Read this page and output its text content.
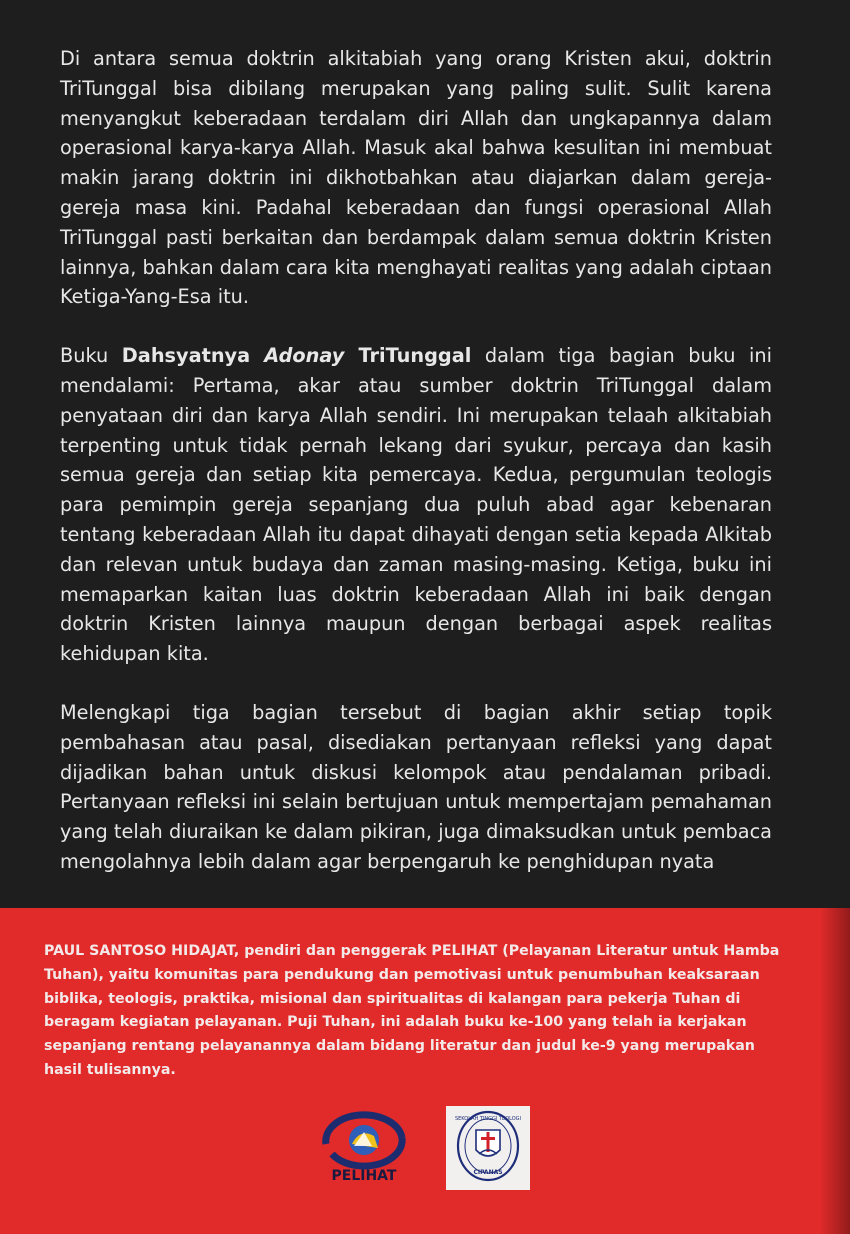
Di antara semua doktrin alkitabiah yang orang Kristen akui, doktrin TriTunggal bisa dibilang merupakan yang paling sulit. Sulit karena menyangkut keberadaan terdalam diri Allah dan ungkapannya dalam operasional karya-karya Allah. Masuk akal bahwa kesulitan ini membuat makin jarang doktrin ini dikhotbahkan atau diajarkan dalam gereja-gereja masa kini. Padahal keberadaan dan fungsi operasional Allah TriTunggal pasti berkaitan dan berdampak dalam semua doktrin Kristen lainnya, bahkan dalam cara kita menghayati realitas yang adalah ciptaan Ketiga-Yang-Esa itu.

Buku Dahsyatnya Adonay TriTunggal dalam tiga bagian buku ini mendalami: Pertama, akar atau sumber doktrin TriTunggal dalam penyataan diri dan karya Allah sendiri. Ini merupakan telaah alkitabiah terpenting untuk tidak pernah lekang dari syukur, percaya dan kasih semua gereja dan setiap kita pemercaya. Kedua, pergumulan teologis para pemimpin gereja sepanjang dua puluh abad agar kebenaran tentang keberadaan Allah itu dapat dihayati dengan setia kepada Alkitab dan relevan untuk budaya dan zaman masing-masing. Ketiga, buku ini memaparkan kaitan luas doktrin keberadaan Allah ini baik dengan doktrin Kristen lainnya maupun dengan berbagai aspek realitas kehidupan kita.

Melengkapi tiga bagian tersebut di bagian akhir setiap topik pembahasan atau pasal, disediakan pertanyaan refleksi yang dapat dijadikan bahan untuk diskusi kelompok atau pendalaman pribadi. Pertanyaan refleksi ini selain bertujuan untuk mempertajam pemahaman yang telah diuraikan ke dalam pikiran, juga dimaksudkan untuk pembaca mengolahnya lebih dalam agar berpengaruh ke penghidupan nyata

PAUL SANTOSO HIDAJAT, pendiri dan penggerak PELIHAT (Pelayanan Literatur untuk Hamba Tuhan), yaitu komunitas para pendukung dan pemotivasi untuk penumbuhan keaksaraan biblika, teologis, praktika, misional dan spiritualitas di kalangan para pekerja Tuhan di beragam kegiatan pelayanan. Puji Tuhan, ini adalah buku ke-100 yang telah ia kerjakan sepanjang rentang pelayanannya dalam bidang literatur dan judul ke-9 yang merupakan hasil tulisannya.
PELIHAT
SEKOLAH TINGGI TEOLOGI
CIPANAS
